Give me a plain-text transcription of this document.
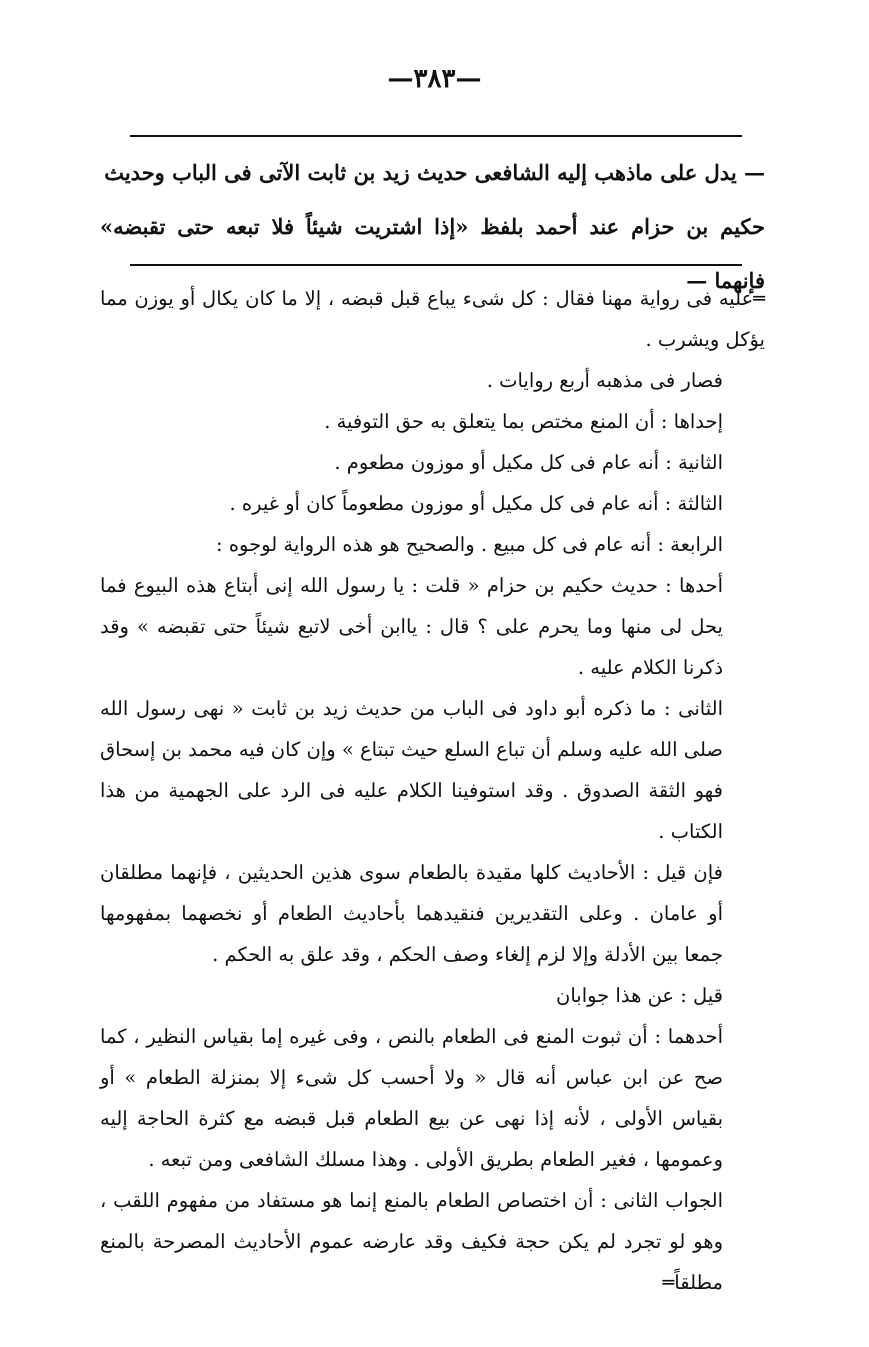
—٣٨٣—

— يدل على ماذهب إليه الشافعى حديث زيد بن ثابت الآتى فى الباب وحديث

حكيم بن حزام عند أحمد بلفظ «إذا اشتريت شيئاً فلا تبعه حتى تقبضه» فإنهما —

═عليه فى رواية مهنا فقال : كل شىء يباع قبل قبضه ، إلا ما كان يكال أو يوزن مما يؤكل ويشرب .

فصار فى مذهبه أربع روايات .

إحداها : أن المنع مختص بما يتعلق به حق التوفية .

الثانية : أنه عام فى كل مكيل أو موزون مطعوم .

الثالثة : أنه عام فى كل مكيل أو موزون مطعوماً كان أو غيره .

الرابعة : أنه عام فى كل مبيع . والصحيح هو هذه الرواية لوجوه :

أحدها : حديث حكيم بن حزام « قلت : يا رسول الله إنى أبتاع هذه البيوع فما يحل لى منها وما يحرم على ؟ قال : ياابن أخى لاتبع شيئاً حتى تقبضه » وقد ذكرنا الكلام عليه .

الثانى : ما ذكره أبو داود فى الباب من حديث زيد بن ثابت « نهى رسول الله صلى الله عليه وسلم أن تباع السلع حيث تبتاع » وإن كان فيه محمد بن إسحاق فهو الثقة الصدوق . وقد استوفينا الكلام عليه فى الرد على الجهمية من هذا الكتاب .

فإن قيل : الأحاديث كلها مقيدة بالطعام سوى هذين الحديثين ، فإنهما مطلقان أو عامان . وعلى التقديرين فنقيدهما بأحاديث الطعام أو نخصهما بمفهومها جمعا بين الأدلة وإلا لزم إلغاء وصف الحكم ، وقد علق به الحكم .

قيل : عن هذا جوابان

أحدهما : أن ثبوت المنع فى الطعام بالنص ، وفى غيره إما بقياس النظير ، كما صح عن ابن عباس أنه قال « ولا أحسب كل شىء إلا بمنزلة الطعام » أو بقياس الأولى ، لأنه إذا نهى عن بيع الطعام قبل قبضه مع كثرة الحاجة إليه وعمومها ، فغير الطعام بطريق الأولى . وهذا مسلك الشافعى ومن تبعه .

الجواب الثانى : أن اختصاص الطعام بالمنع إنما هو مستفاد من مفهوم اللقب ، وهو لو تجرد لم يكن حجة فكيف وقد عارضه عموم الأحاديث المصرحة بالمنع مطلقاً═
